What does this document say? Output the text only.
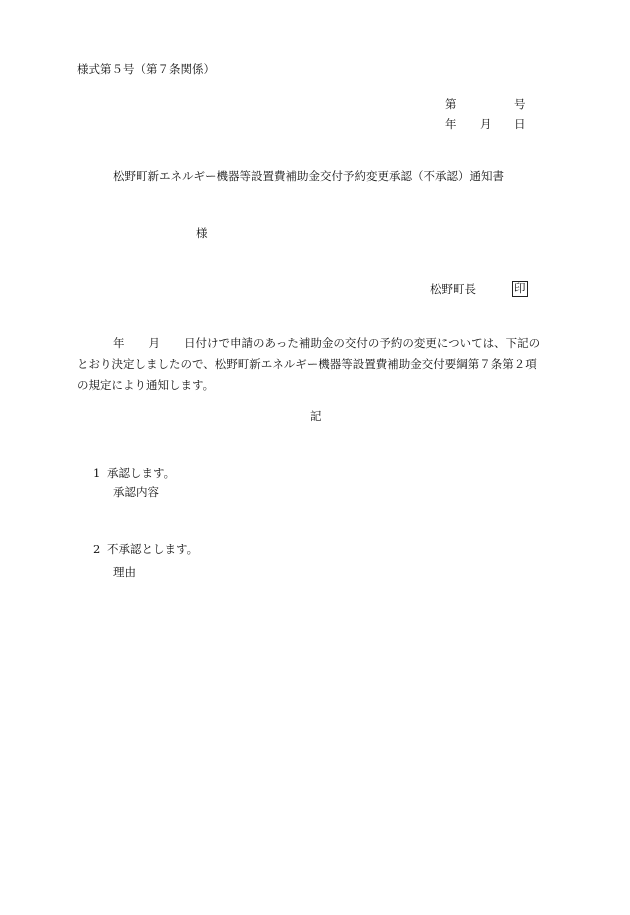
様式第５号（第７条関係）
第	号
年 月 日
松野町新エネルギー機器等設置費補助金交付予約変更承認（不承認）通知書
様
松野町長	印
年 月 日付けで申請のあった補助金の交付の予約の変更については、下記の
とおり決定しましたので、松野町新エネルギー機器等設置費補助金交付要綱第７条第２項
の規定により通知します。
記
1 承認します。
承認内容
2 不承認とします。
理由
